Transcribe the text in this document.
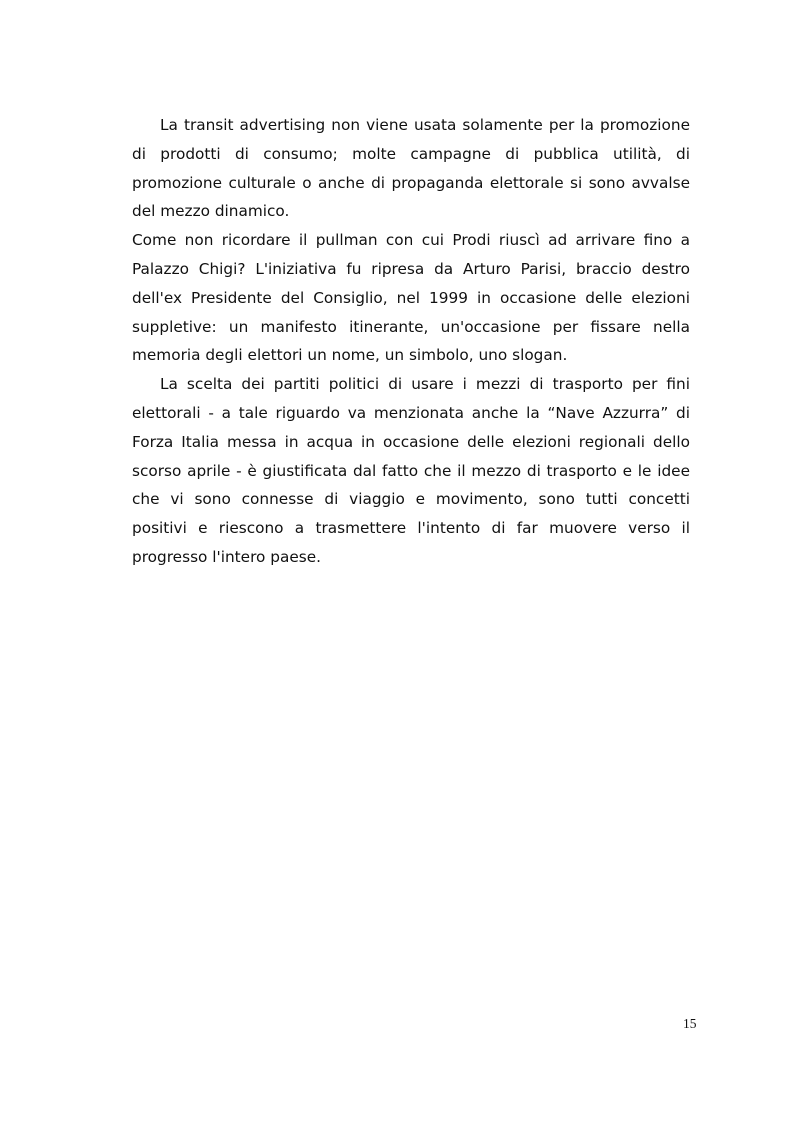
La transit advertising non viene usata solamente per la promozione di prodotti di consumo; molte campagne di pubblica utilità, di promozione culturale o anche di propaganda elettorale si sono avvalse del mezzo dinamico.

Come non ricordare il pullman con cui Prodi riuscì ad arrivare fino a Palazzo Chigi? L'iniziativa fu ripresa da Arturo Parisi, braccio destro dell'ex Presidente del Consiglio, nel 1999 in occasione delle elezioni suppletive: un manifesto itinerante, un'occasione per fissare nella memoria degli elettori un nome, un simbolo, uno slogan.

La scelta dei partiti politici di usare i mezzi di trasporto per fini elettorali - a tale riguardo va menzionata anche la “Nave Azzurra” di Forza Italia messa in acqua in occasione delle elezioni regionali dello scorso aprile - è giustificata dal fatto che il mezzo di trasporto e le idee che vi sono connesse di viaggio e movimento, sono tutti concetti positivi e riescono a trasmettere l'intento di far muovere verso il progresso l'intero paese.

15
